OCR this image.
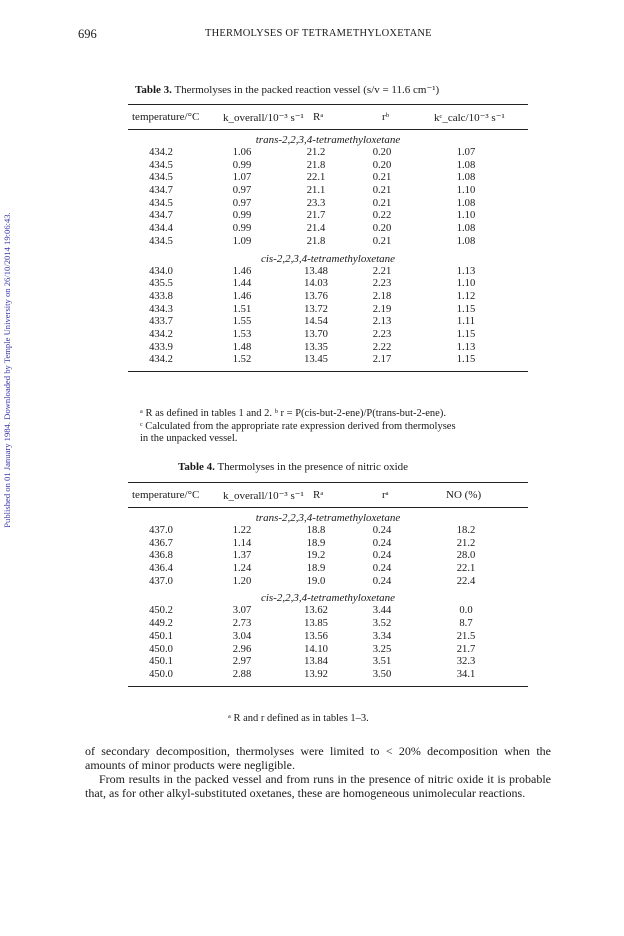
Published on 01 January 1984. Downloaded by Temple University on 26/10/2014 19:06:43.
696	THERMOLYSES OF TETRAMETHYLOXETANE
Table 3. Thermolyses in the packed reaction vessel (s/v = 11.6 cm⁻¹)
temperature/°C k_overall/10⁻³ s⁻¹ Rᵃ	rᵇ	kᶜ_calc/10⁻³ s⁻¹
trans-2,2,3,4-tetramethyloxetane
434.2	1.06	21.2	0.20	1.07
434.5	0.99	21.8	0.20	1.08
434.5	1.07	22.1	0.21	1.08
434.7	0.97	21.1	0.21	1.10
434.5	0.97	23.3	0.21	1.08
434.7	0.99	21.7	0.22	1.10
434.4	0.99	21.4	0.20	1.08
434.5	1.09	21.8	0.21	1.08
cis-2,2,3,4-tetramethyloxetane
434.0	1.46	13.48	2.21	1.13
435.5	1.44	14.03	2.23	1.10
433.8	1.46	13.76	2.18	1.12
434.3	1.51	13.72	2.19	1.15
433.7	1.55	14.54	2.13	1.11
434.2	1.53	13.70	2.23	1.15
433.9	1.48	13.35	2.22	1.13
434.2	1.52	13.45	2.17	1.15
ᵃ R as defined in tables 1 and 2. ᵇ r = P(cis-but-2-ene)/P(trans-but-2-ene).
ᶜ Calculated from the appropriate rate expression derived from thermolyses
in the unpacked vessel.
Table 4. Thermolyses in the presence of nitric oxide
temperature/°C k_overall/10⁻³ s⁻¹ Rᵃ	rᵃ	NO (%)
trans-2,2,3,4-tetramethyloxetane
437.0	1.22	18.8	0.24	18.2
436.7	1.14	18.9	0.24	21.2
436.8	1.37	19.2	0.24	28.0
436.4	1.24	18.9	0.24	22.1
437.0	1.20	19.0	0.24	22.4
cis-2,2,3,4-tetramethyloxetane
450.2	3.07	13.62	3.44	0.0
449.2	2.73	13.85	3.52	8.7
450.1	3.04	13.56	3.34	21.5
450.0	2.96	14.10	3.25	21.7
450.1	2.97	13.84	3.51	32.3
450.0	2.88	13.92	3.50	34.1
ᵃ R and r defined as in tables 1–3.
of secondary decomposition, thermolyses were limited to < 20% decomposition when the amounts of minor products were negligible.
From results in the packed vessel and from runs in the presence of nitric oxide it is probable that, as for other alkyl-substituted oxetanes, these are homogeneous unimolecular reactions.
